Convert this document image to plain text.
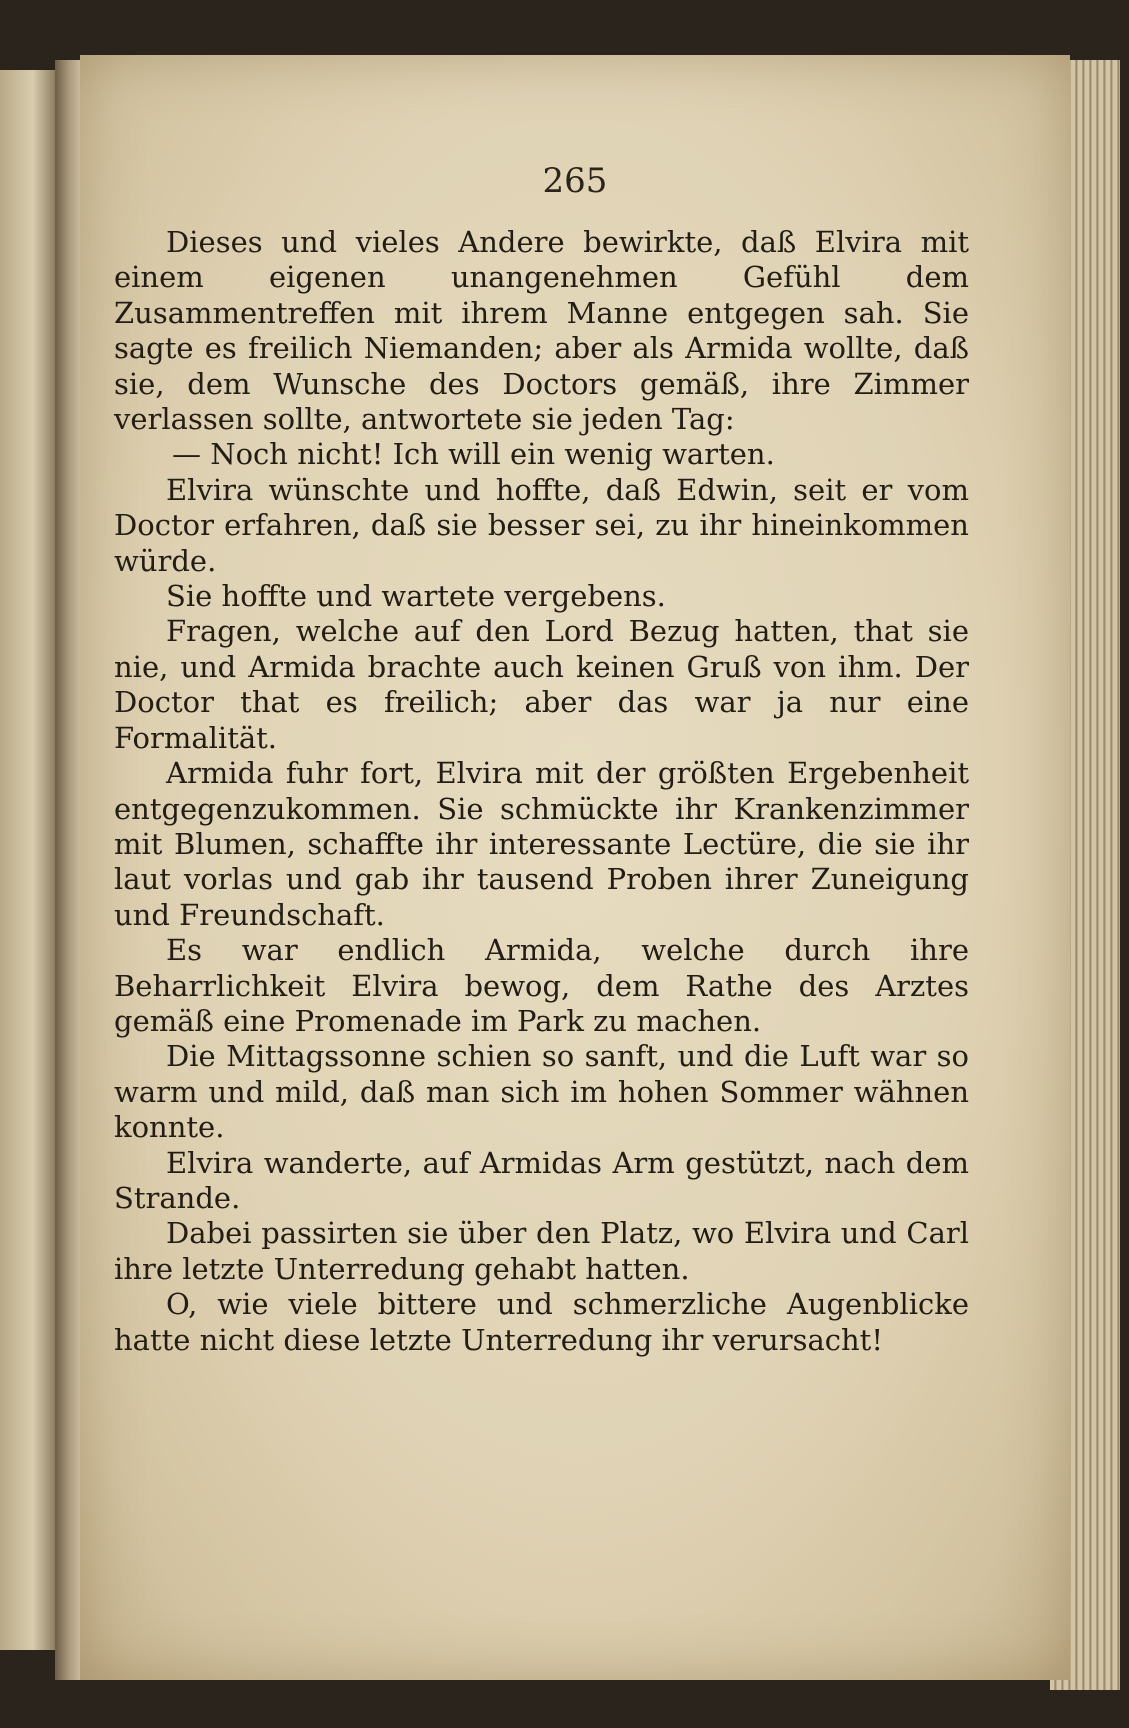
265

Dieses und vieles Andere bewirkte, daß Elvira mit einem eigenen unangenehmen Gefühl dem Zusammentreffen mit ihrem Manne entgegen sah. Sie sagte es freilich Niemanden; aber als Armida wollte, daß sie, dem Wunsche des Doctors gemäß, ihre Zimmer verlassen sollte, antwortete sie jeden Tag:

— Noch nicht! Ich will ein wenig warten.

Elvira wünschte und hoffte, daß Edwin, seit er vom Doctor erfahren, daß sie besser sei, zu ihr hineinkommen würde.

Sie hoffte und wartete vergebens.

Fragen, welche auf den Lord Bezug hatten, that sie nie, und Armida brachte auch keinen Gruß von ihm. Der Doctor that es freilich; aber das war ja nur eine Formalität.

Armida fuhr fort, Elvira mit der größten Ergebenheit entgegenzukommen. Sie schmückte ihr Krankenzimmer mit Blumen, schaffte ihr interessante Lectüre, die sie ihr laut vorlas und gab ihr tausend Proben ihrer Zuneigung und Freundschaft.

Es war endlich Armida, welche durch ihre Beharrlichkeit Elvira bewog, dem Rathe des Arztes gemäß eine Promenade im Park zu machen.

Die Mittagssonne schien so sanft, und die Luft war so warm und mild, daß man sich im hohen Sommer wähnen konnte.

Elvira wanderte, auf Armidas Arm gestützt, nach dem Strande.

Dabei passirten sie über den Platz, wo Elvira und Carl ihre letzte Unterredung gehabt hatten.

O, wie viele bittere und schmerzliche Augenblicke hatte nicht diese letzte Unterredung ihr verursacht!
